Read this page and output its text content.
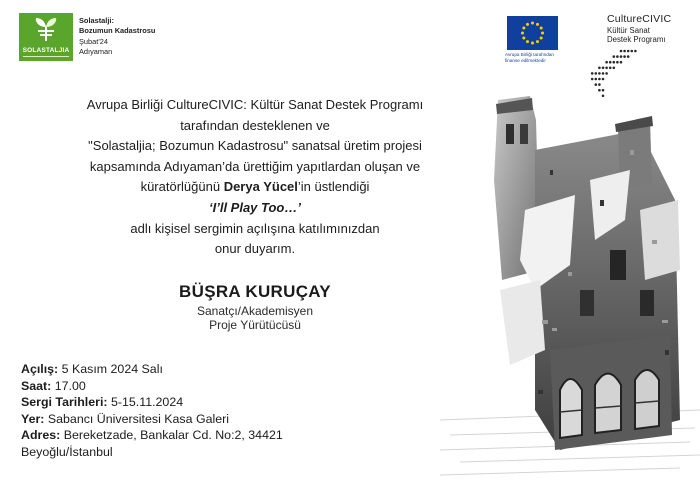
SOLASTALJIA
Solastalji:
Bozumun Kadastrosu
Şubat'24
Adıyaman	Avrupa Birliği tarafından
finanse edilmektedir
CultureCIVIC
Kültür Sanat
Destek Programı

Avrupa Birliği CultureCIVIC: Kültür Sanat Destek Programı

tarafından desteklenen ve

"Solastaljia; Bozumun Kadastrosu" sanatsal üretim projesi

kapsamında Adıyaman’da ürettiğim yapıtlardan oluşan ve

küratörlüğünü Derya Yücel’in üstlendiği

‘I’ll Play Too…’

adlı kişisel sergimin açılışına katılımınızdan

onur duyarım.

BÜŞRA KURUÇAY
Sanatçı/Akademisyen
Proje Yürütücüsü
Açılış: 5 Kasım 2024 Salı
Saat: 17.00
Sergi Tarihleri: 5-15.11.2024
Yer: Sabancı Üniversitesi Kasa Galeri
Adres: Bereketzade, Bankalar Cd. No:2, 34421
Beyoğlu/İstanbul
